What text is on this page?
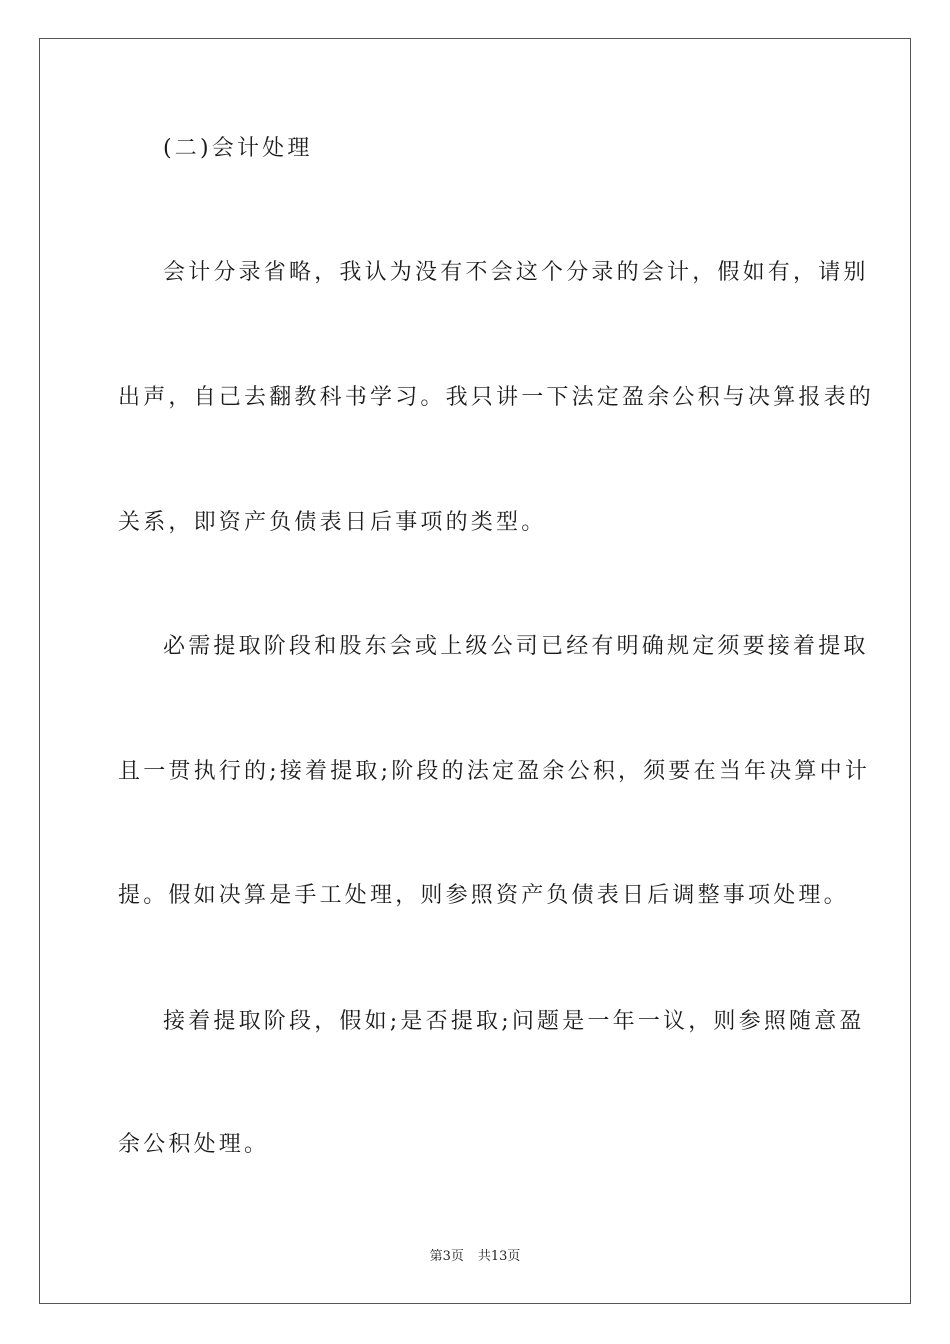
(二)会计处理
会计分录省略，我认为没有不会这个分录的会计，假如有，请别
出声，自己去翻教科书学习。我只讲一下法定盈余公积与决算报表的
关系，即资产负债表日后事项的类型。
必需提取阶段和股东会或上级公司已经有明确规定须要接着提取
且一贯执行的;接着提取;阶段的法定盈余公积，须要在当年决算中计
提。假如决算是手工处理，则参照资产负债表日后调整事项处理。
接着提取阶段，假如;是否提取;问题是一年一议，则参照随意盈
余公积处理。
第3页 共13页
